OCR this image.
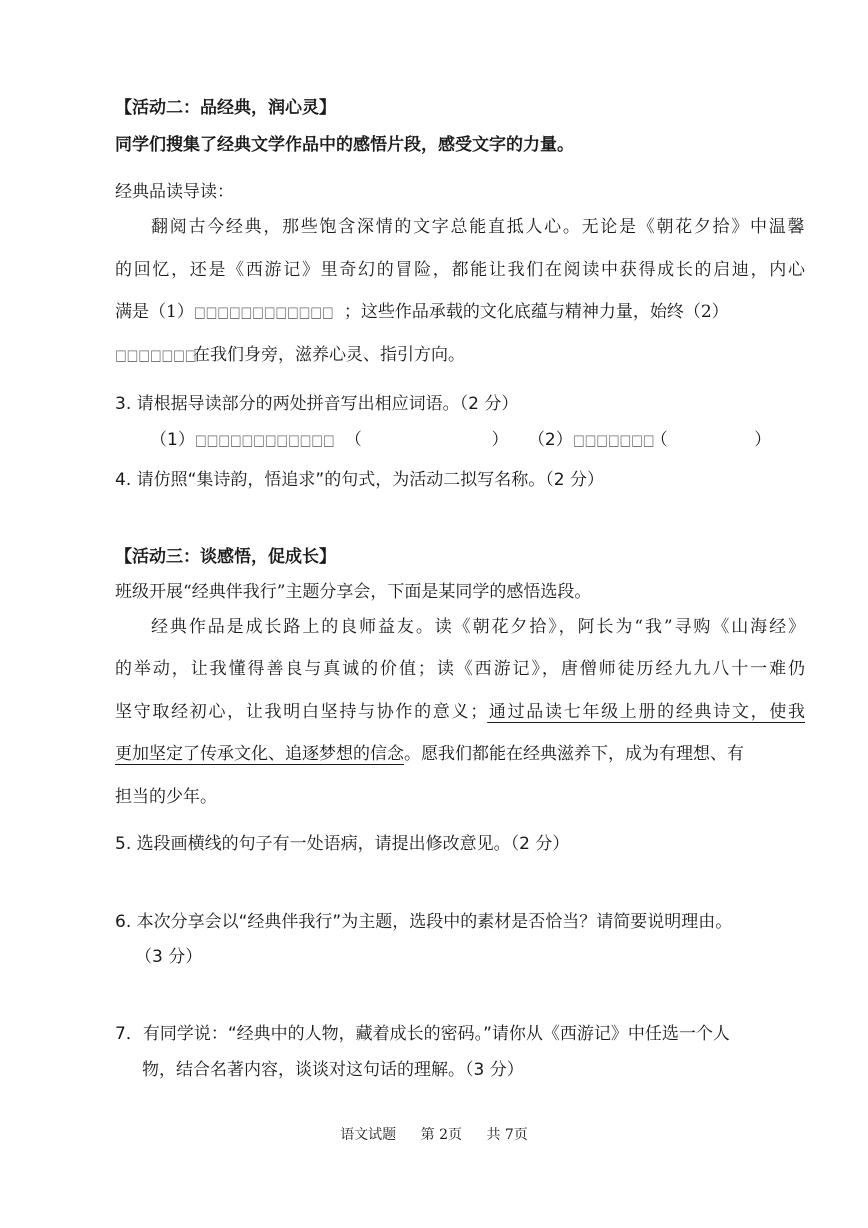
【活动二：品经典，润心灵】
同学们搜集了经典文学作品中的感悟片段，感受文字的力量。
经典品读导读：
翻阅古今经典，那些饱含深情的文字总能直抵人心。无论是《朝花夕拾》中温馨
的回忆，还是《西游记》里奇幻的冒险，都能让我们在阅读中获得成长的启迪，内心
满是（1）□□□□□□□□□□□□ ；这些作品承载的文化底蕴与精神力量，始终（2）
□□□□□□□在我们身旁，滋养心灵、指引方向。
3. 请根据导读部分的两处拼音写出相应词语。（2 分）
（1）□□□□□□□□□□□□ （                        ） （2）□□□□□□□（                ）
4. 请仿照“集诗韵，悟追求”的句式，为活动二拟写名称。（2 分）
【活动三：谈感悟，促成长】
班级开展“经典伴我行”主题分享会，下面是某同学的感悟选段。
经典作品是成长路上的良师益友。读《朝花夕拾》，阿长为“我”寻购《山海经》
的举动，让我懂得善良与真诚的价值；读《西游记》，唐僧师徒历经九九八十一难仍
坚守取经初心，让我明白坚持与协作的意义；通过品读七年级上册的经典诗文，使我
更加坚定了传承文化、追逐梦想的信念。愿我们都能在经典滋养下，成为有理想、有
担当的少年。
5. 选段画横线的句子有一处语病，请提出修改意见。（2 分）
6. 本次分享会以“经典伴我行”为主题，选段中的素材是否恰当？请简要说明理由。
（3 分）
7．有同学说：“经典中的人物，藏着成长的密码。”请你从《西游记》中任选一个人
物，结合名著内容，谈谈对这句话的理解。（3 分）
语文试题 第 2页 共 7页
